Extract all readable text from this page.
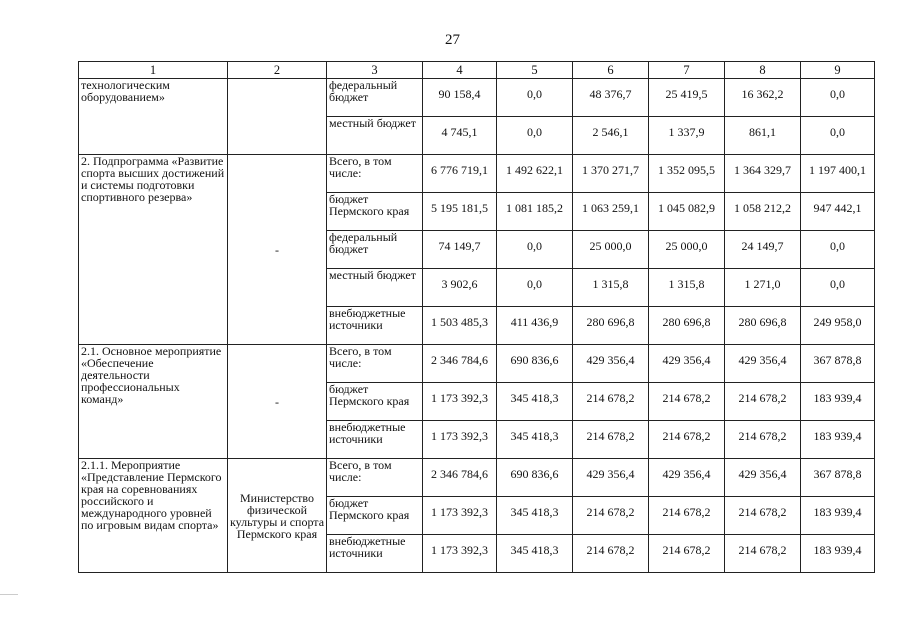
27
1	2	3	4	5	6	7	8	9
технологическим оборудованием»		федеральный бюджет	90 158,4	0,0	48 376,7	25 419,5	16 362,2	0,0
		местный бюджет	4 745,1	0,0	2 546,1	1 337,9	861,1	0,0
2. Подпрограмма «Развитие спорта высших достижений и системы подготовки спортивного резерва»	-	Всего, в том числе:	6 776 719,1	1 492 622,1	1 370 271,7	1 352 095,5	1 364 329,7	1 197 400,1
		бюджет Пермского края	5 195 181,5	1 081 185,2	1 063 259,1	1 045 082,9	1 058 212,2	947 442,1
		федеральный бюджет	74 149,7	0,0	25 000,0	25 000,0	24 149,7	0,0
		местный бюджет	3 902,6	0,0	1 315,8	1 315,8	1 271,0	0,0
		внебюджетные источники	1 503 485,3	411 436,9	280 696,8	280 696,8	280 696,8	249 958,0
2.1. Основное мероприятие «Обеспечение деятельности профессиональных команд»	-	Всего, в том числе:	2 346 784,6	690 836,6	429 356,4	429 356,4	429 356,4	367 878,8
		бюджет Пермского края	1 173 392,3	345 418,3	214 678,2	214 678,2	214 678,2	183 939,4
		внебюджетные источники	1 173 392,3	345 418,3	214 678,2	214 678,2	214 678,2	183 939,4
2.1.1. Мероприятие «Представление Пермского края на соревнованиях российского и международного уровней по игровым видам спорта»	Министерство физической культуры и спорта Пермского края	Всего, в том числе:	2 346 784,6	690 836,6	429 356,4	429 356,4	429 356,4	367 878,8
		бюджет Пермского края	1 173 392,3	345 418,3	214 678,2	214 678,2	214 678,2	183 939,4
		внебюджетные источники	1 173 392,3	345 418,3	214 678,2	214 678,2	214 678,2	183 939,4
